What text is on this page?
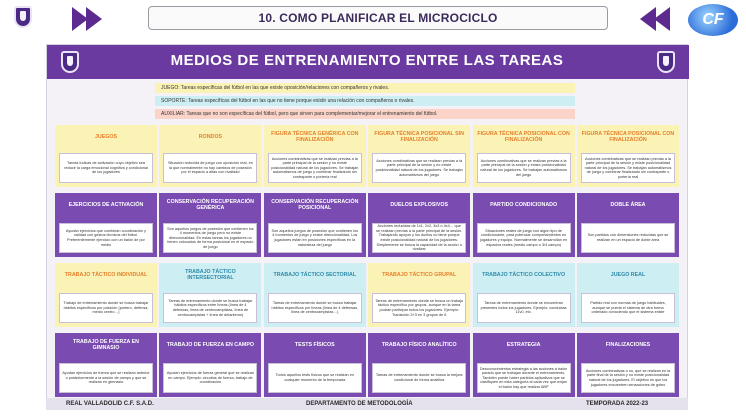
10. COMO PLANIFICAR EL MICROCICLO	CF
MEDIOS DE ENTRENAMIENTO ENTRE LAS TAREAS
JUEGO: Tareas específicas del fútbol en las que existe oposición/relaciones con compañeros y rivales.
SOPORTE: Tareas específicas del fútbol en las que no tiene porque existir una relación con compañeros o rivales.
AUXILIAR: Tareas que no son específicas del fútbol, pero que sirven para complementar/mejorar el entrenamiento del fútbol.
JUEGOS
Tareas lúdicas de activación cuyo objetivo sea reducir la carga emocional cognitiva y condicional de los jugadores
RONDOS
Situación reducida de juego con oposición real, en la que normalmente no hay cambios de posesión por el espacio a altas con rivalidad
FIGURA TÉCNICA GENÉRICA CON FINALIZACIÓN
Acciones combinativas que se realizan previas a la parte principal de la sesión y no existe posicionalidad natural de los jugadores. Se trabajan automatismos de juego y combinar finalizando sin contraparte o portería real
FIGURA TÉCNICA POSICIONAL SIN FINALIZACIÓN
Acciones combinativas que se realizan previas a la parte principal de la sesión y no existe posicionalidad natural de los jugadores. Se trabajan automatismos del juego
FIGURA TÉCNICA POSICIONAL CON FINALIZACIÓN
Acciones combinativas que se realizan previas a la parte principal de la sesión y existe posicionalidad natural de los jugadores. Se trabajan automatismos del juego
FIGURA TÉCNICA POSICIONAL CON FINALIZACIÓN
Acciones combinativas que se realizan previas a la parte principal de la sesión y existe posicionalidad natural de los jugadores. Se trabajan automatismos de juego y combinar finalizando sin contraparte o portería real
EJERCICIOS DE ACTIVACIÓN
Ayudan ejercicios que combinan coordinación y calidad con gestos técnicos del fútbol. Preferentemente ejercicio con un balón de por medio
CONSERVACIÓN RECUPERACIÓN GENÉRICA
Son aquellos juegos de posesión que contienen los 4 momentos de juego pero no existe direccionalidad. En estas tareas los jugadores no tienen colocados de forma posicional en el espacio de juego
CONSERVACIÓN RECUPERACIÓN POSICIONAL
Son aquellos juegos de posesión que contienen los 4 momentos de juego y existe direccionalidad. Los jugadores están en posiciones específicas en la naturaleza del juego
DUELOS EXPLOSIVOS
Acciones reducidas de 1x1, 2x2, 3x3 o 4x4… que se realizan previas a la parte principal de la sesión. Trabajando apoyos y los duelos no tiene porque existir posicionalidad natural de los jugadores. Simplemente se busca la capacidad de la acción o rivalizar
PARTIDO CONDICIONADO
Situaciones reales de juego con algún tipo de condicionante, para potenciar comportamientos en jugadores y equipo. Normalmente se desarrollan en espacios reales (medio campo o 3/4 campo)
DOBLE ÁREA
Son partidos con dimensiones reducidas que se realizan en un espacio de doble área
TRABAJO TÁCTICO INDIVIDUAL
Trabajo de entrenamiento donde se busca trabajar hábitos específicos por posición (portero, defensa, medio centro…)
TRABAJO TÁCTICO INTERSECTORIAL
Tareas de entrenamiento donde se busca trabajar hábitos específicos entre líneas (línea de 4 defensas, línea de centrocampistas, línea de centrocampistas + línea de delanteros)
TRABAJO TÁCTICO SECTORIAL
Tareas de entrenamiento donde se busca trabajar hábitos específicos por líneas (línea de 4 defensas, línea de centrocampistas…)
TRABAJO TÁCTICO GRUPAL
Tareas de entrenamiento donde se busca un trabajo táctico específico por grupos, aunque en la tarea podrán participar todos los jugadores. Ejemplo: Transición 3+3 en 3 grupos de 6
TRABAJO TÁCTICO COLECTIVO
Tareas de entrenamiento donde se encuentran presentes todos los jugadores. Ejemplo: conductas 11v0, etc.
JUEGO REAL
Partido real con normas de juego habituales, aunque se pueda el sistema de otra forma ordenado conociendo que el sistema existe
TRABAJO DE FUERZA EN GIMNASIO
Ayudan ejercicios de fuerza que se realizan anterior o posteriormente a la sesión de campo y que se realizan en gimnasio
TRABAJO DE FUERZA EN CAMPO
Ayudan ejercicios de fuerza general que se realizan en campo. Ejemplo: circuitos de fuerza, trabajo de coordinación
TESTS FÍSICOS
Todos aquellos tests físicos que se realizan en cualquier momento de la temporada
TRABAJO FÍSICO ANALÍTICO
Tareas de entrenamiento donde se busca la mejora condicional de forma analítica
ESTRATEGIA
Desconocimientos estrategia a las acciones a balón parado que se trabajan durante el entrenamiento. También puede haber partidos aplicativos que se clasifiquen en esta categoría al cada vez que exijan el balón hay que realizar ABP
FINALIZACIONES
Acciones combinativas o no, que se realizan en la parte final de la sesión y no existe posicionalidad natural de los jugadores. El objetivo es que los jugadores encuentren sensaciones de goleo
REAL VALLADOLID C.F. S.A.D.	DEPARTAMENTO DE METODOLOGÍA	TEMPORADA 2022-23
